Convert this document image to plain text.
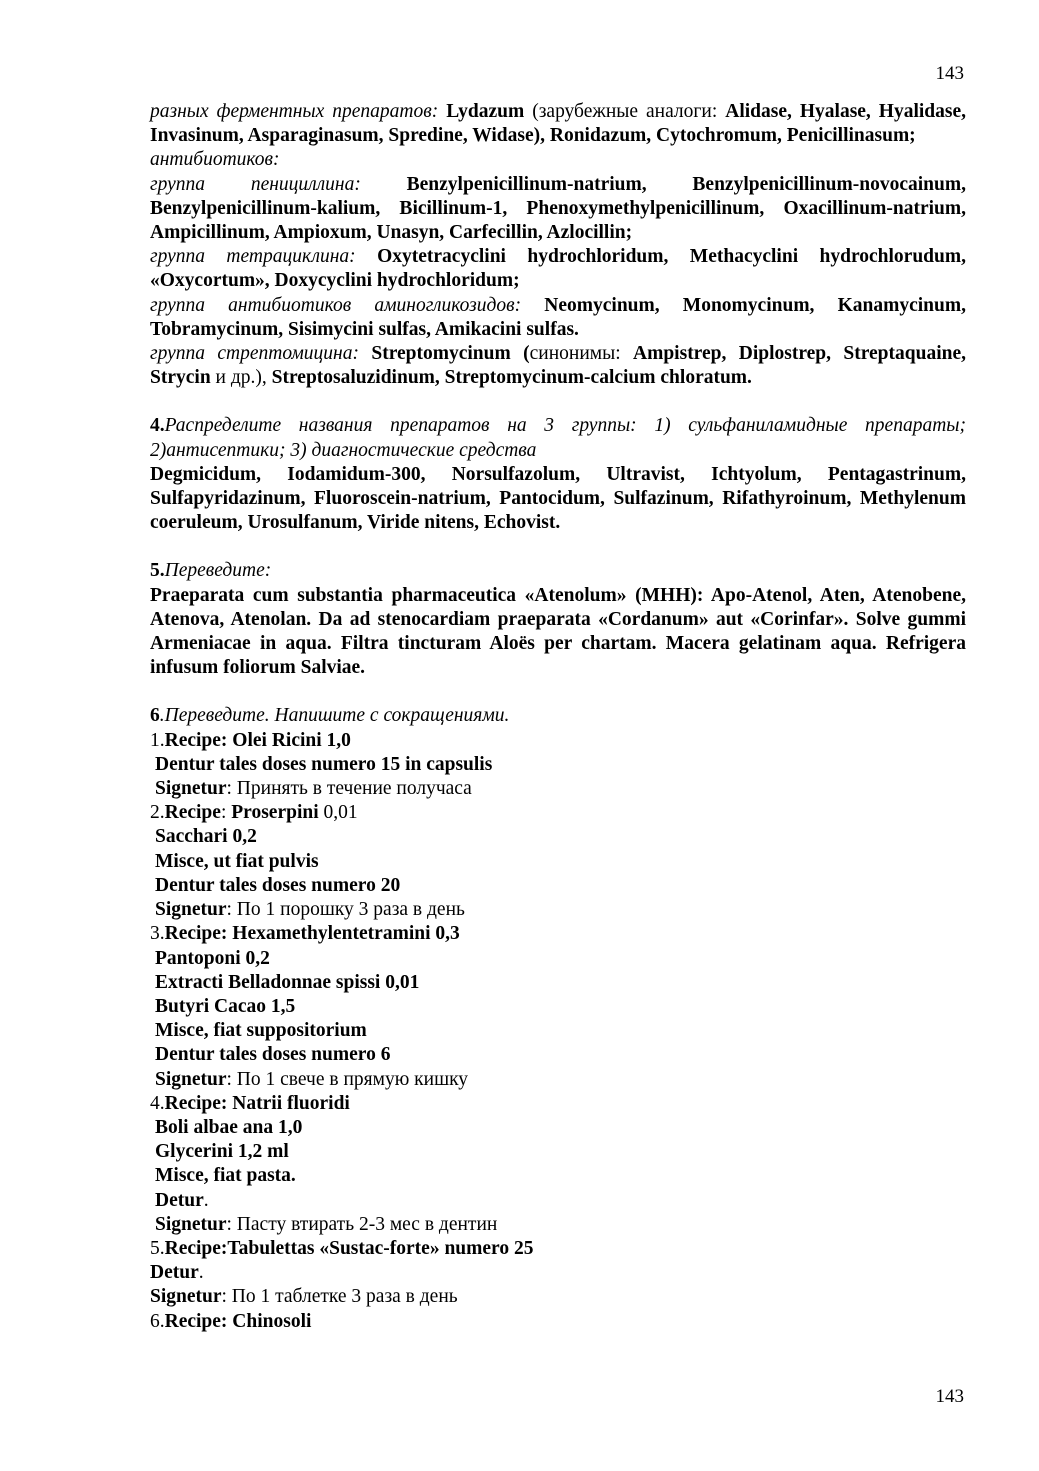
143
разных ферментных препаратов: Lydazum (зарубежные аналоги: Alidase, Hyalase, Hyalidase, Invasinum, Asparaginasum, Spredine, Widase), Ronidazum, Cytochromum, Penicillinasum;
антибиотиков:
группа пенициллина: Benzylpenicillinum-natrium, Benzylpenicillinum-novocainum, Benzylpenicillinum-kalium, Bicillinum-1, Phenoxymethylpenicillinum, Oxacillinum-natrium, Ampicillinum, Ampioxum, Unasyn, Carfecillin, Azlocillin;
группа тетрациклина: Oxytetracyclini hydrochloridum, Methacyclini hydrochlorudum, «Oxycortum», Doxycyclini hydrochloridum;
группа антибиотиков аминогликозидов: Neomycinum, Monomycinum, Kanamycinum, Tobramycinum, Sisimycini sulfas, Amikacini sulfas.
группа стрептомицина: Streptomycinum (синонимы: Ampistrep, Diplostrep, Streptaquaine, Strycin и др.), Streptosaluzidinum, Streptomycinum-calcium chloratum.
4.Распределите названия препаратов на 3 группы: 1) сульфаниламидные препараты; 2)антисептики; 3) диагностические средства
Degmicidum, Iodamidum-300, Norsulfazolum, Ultravist, Ichtyolum, Pentagastrinum, Sulfapyridazinum, Fluoroscein-natrium, Pantocidum, Sulfazinum, Rifathyroinum, Methylenum coeruleum, Urosulfanum, Viride nitens, Echovist.
5.Переведите:
Praeparata cum substantia pharmaceutica «Atenolum» (МНН): Apo-Atenol, Aten, Atenobene, Atenova, Atenolan. Da ad stenocardiam praeparata «Cordanum» aut «Corinfar». Solve gummi Armeniacae in aqua. Filtra tincturam Aloës per chartam. Macera gelatinam aqua. Refrigera infusum foliorum Salviae.
6.Переведите. Напишите с сокращениями.
1.Recipe: Olei Ricini 1,0
Dentur tales doses numero 15 in capsulis
Signetur: Принять в течение получаса
2.Recipe: Proserpini 0,01
Sacchari 0,2
Misce, ut fiat pulvis
Dentur tales doses numero 20
Signetur: По 1 порошку 3 раза в день
3.Recipe: Hexamethylentetramini 0,3
Pantoponi 0,2
Extracti Belladonnae spissi 0,01
Butyri Cacao 1,5
Misce, fiat suppositorium
Dentur tales doses numero 6
Signetur: По 1 свече в прямую кишку
4.Recipe: Natrii fluoridi
Boli albae ana 1,0
Glycerini 1,2 ml
Misce, fiat pasta.
Detur.
Signetur: Пасту втирать 2-3 мес в дентин
5.Recipe:Tabulettas «Sustac-forte» numero 25
Detur.
Signetur: По 1 таблетке 3 раза в день
6.Recipe: Chinosoli
143
